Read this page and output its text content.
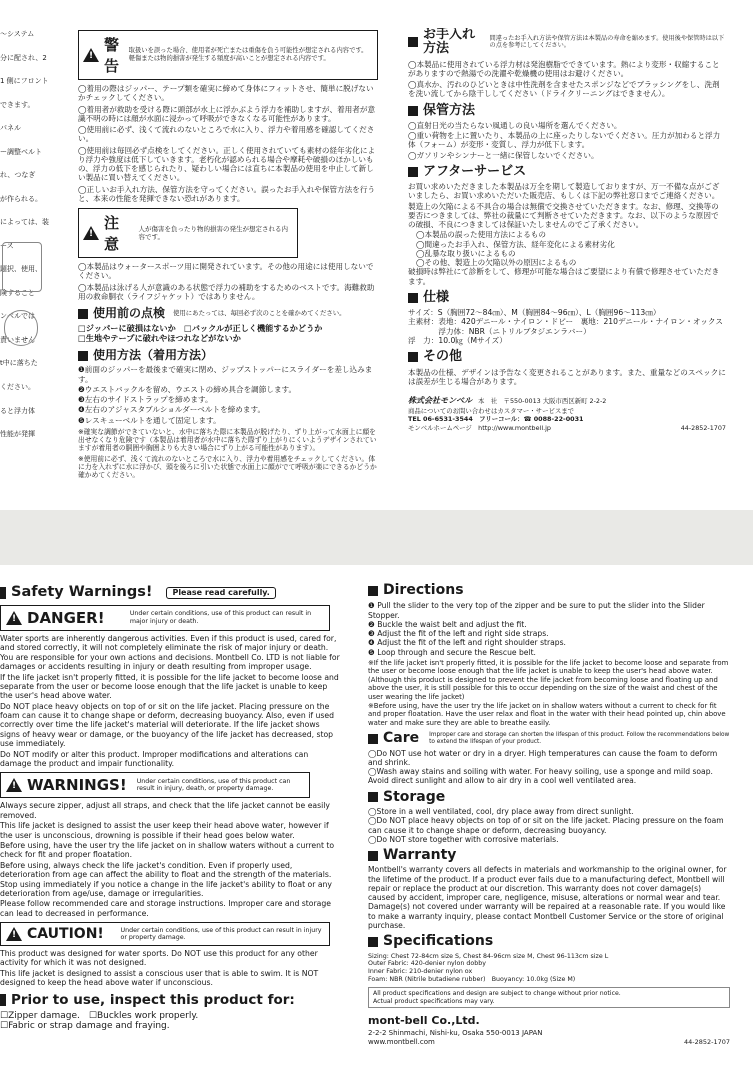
〜システム

分に配され、2

1 側にフロント

できます。

パネル

ー調整ベルト

れ、つなぎ

が作られる。

によっては、装

ース

題択、使用、

険すること

ンベルでは

責いません

t中に落ちた

ください。

ると浮力体

性能が発揮

!
警告
取扱いを誤った場合、使用者が死亡または重傷を負う可能性が想定される内容です。軽傷または物的損害が発生する頻度が高いことが想定される内容です。

◯着用の際はジッパー、テープ類を確実に締めて身体にフィットさせ、簡単に脱げないかチェックしてください。

◯着用者が救助を受ける際に頭部が水上に浮かぶよう浮力を補助しますが、着用者が意識不明の時には顔が水面に浸かって呼吸ができなくなる可能性があります。

◯使用前に必ず、浅くて流れのないところで水に入り、浮力や着用感を確認してください。

◯使用前は毎回必ず点検をしてください。正しく使用されていても素材の経年劣化により浮力や強度は低下していきます。老朽化が認められる場合や摩耗や破損のほかしいもの、浮力の低下を感じられたり、疑わしい場合には直ちに本製品の使用を中止して新しい製品に買い替えてください。

◯正しいお手入れ方法、保管方法を守ってください。誤ったお手入れや保管方法を行うと、本来の性能を発揮できない恐れがあります。

!
注意
人が傷害を負ったり物的損害の発生が想定される内容です。

◯本製品はウォータースポーツ用に開発されています。その他の用途には使用しないでください。

◯本製品は泳げる人が意識のある状態で浮力の補助をするためのベストです。海難救助用の救命胴衣（ライフジャケット）ではありません。

使用前の点検 使用にあたっては、毎回必ず次のことを確かめてください。

□ジッパーに破損はないか　□バックルが正しく機能するかどうか

□生地やテープに破れやほつれなどがないか

使用方法（着用方法）

❶前面のジッパーを最後まで確実に閉め、ジップストッパーにスライダーを差し込みます。

❷ウエストバックルを留め、ウエストの締め具合を調節します。

❸左右のサイドストラップを締めます。

❹左右のアジャスタブルショルダーベルトを締めます。

❺レスキューベルトを通して固定します。

※確実な調節ができていないと、水中に落ちた際に本製品が脱げたり、ずり上がって水面上に顔を出せなくなり危険です（本製品は着用者が水中に落ちた際ずり上がりにくいようデザインされていますが着用者の胴囲や胸囲よりも大きい場合にずり上がる可能性があります）。

※使用前に必ず、浅くて流れのないところで水に入り、浮力や着用感をチェックしてください。体に力を入れずに水に浮かび、頭を後ろに引いた状態で水面上に顔がでて呼吸が楽にできるかどうか確かめてください。

お手入れ方法
間違ったお手入れ方法や保管方法は本製品の寿命を縮めます。使用後や保管時は以下の点を参考にしてください。

◯本製品に使用されている浮力材は発泡樹脂でできています。熱により変形・収縮することがありますので熱湯での洗濯や乾燥機の使用はお避けください。

◯真水か、汚れのひどいときは中性洗剤を含ませたスポンジなどでブラッシングをし、洗剤を洗い流してから陰干ししてください（ドライクリーニングはできません）。

保管方法

◯直射日光の当たらない風通しの良い場所を選んでください。

◯重い荷物を上に置いたり、本製品の上に座ったりしないでください。圧力が加わると浮力体（フォーム）が変形・変質し、浮力が低下します。

◯ガソリンやシンナーと一緒に保管しないでください。

アフターサービス

お買い求めいただきました本製品は万全を期して製造しておりますが、万一不備な点がございましたら、お買い求めいただいた販売店、もしくは下記の弊社窓口までご連絡ください。

製造上の欠陥による不具合の場合は無償で交換させていただきます。なお、修理、交換等の要否につきましては、弊社の裁量にて判断させていただきます。なお、以下のような原因での破損、不良につきましては保証いたしませんのでご了承ください。

◯本製品の誤った使用方法によるもの

◯間違ったお手入れ、保管方法、経年変化による素材劣化

◯乱暴な取り扱いによるもの

◯その他、製造上の欠陥以外の原因によるもの

破損時は弊社にて診断をして、修理が可能な場合はご要望により有償で修理させていただきます。

仕様

サイズ：S（胸囲72〜84㎝）、M（胸囲84〜96㎝）、L（胸囲96〜113㎝）

主素材：表地：420デニール・ナイロン・ドビー　裏地：210デニール・ナイロン・オックス

　　　　浮力体：NBR（ニトリルブタジエンラバー）

浮　力：10.0㎏（Mサイズ）

その他

本製品の仕様、デザインは予告なく変更されることがあります。また、重量などのスペックには誤差が生じる場合があります。

株式会社モンベル 本　社　〒550-0013 大阪市西区新町 2-2-2
商品についてのお問い合わせはカスタマー・サービスまで
TEL 06-6531-3544　フリーコール：☎ 0088-22-0031
モンベルホームページ　http://www.montbell.jp	44-2852-1707
Safety Warnings!	Please read carefully.
!
DANGER!	Under certain conditions, use of this product can result in major injury or death.

Water sports are inherently dangerous activities. Even if this product is used, cared for, and stored correctly, it will not completely eliminate the risk of major injury or death. You are responsible for your own actions and decisions. Montbell Co. LTD is not liable for damages or accidents resulting in injury or death resulting from improper usage.

If the life jacket isn't properly fitted, it is possible for the life jacket to become loose and separate from the user or become loose enough that the life jacket is unable to keep the user's head above water.

Do NOT place heavy objects on top of or sit on the life jacket. Placing pressure on the foam can cause it to change shape or deform, decreasing buoyancy. Also, even if used correctly over time the life jacket's material will deteriorate. If the life jacket shows signs of heavy wear or damage, or the buoyancy of the life jacket has decreased, stop use immediately.

Do NOT modify or alter this product. Improper modifications and alterations can damage the product and impair functionality.

!
WARNINGS! Under certain conditions, use of this product can result in injury, death, or property damage.

Always secure zipper, adjust all straps, and check that the life jacket cannot be easily removed.

This life jacket is designed to assist the user keep their head above water, however if the user is unconscious, drowning is possible if their head goes below water.

Before using, have the user try the life jacket on in shallow waters without a current to check for fit and proper floatation.

Before using, always check the life jacket's condition. Even if properly used, deterioration from age can affect the ability to float and the strength of the materials. Stop using immediately if you notice a change in the life jacket's ability to float or any deterioration from age/use, damage or irregularities.

Please follow recommended care and storage instructions. Improper care and storage can lead to decreased in performance.

!
CAUTION!	Under certain conditions, use of this product can result in injury or property damage.

This product was designed for water sports. Do NOT use this product for any other activity for which it was not designed.

This life jacket is designed to assist a conscious user that is able to swim. It is NOT designed to keep the head above water if unconscious.

Prior to use, inspect this product for:

☐Zipper damage.　☐Buckles work properly.

☐Fabric or strap damage and fraying.

Directions

❶ Pull the slider to the very top of the zipper and be sure to put the slider into the Slider Stopper.

❷ Buckle the waist belt and adjust the fit.

❸ Adjust the fit of the left and right side straps.

❹ Adjust the fit of the left and right shoulder straps.

❺ Loop through and secure the Rescue belt.

※If the life jacket isn't properly fitted, it is possible for the life jacket to become loose and separate from the user or become loose enough that the life jacket is unable to keep the user's head above water. (Although this product is designed to prevent the life jacket from becoming loose and floating up and above the user, it is still possible for this to occur depending on the size of the waist and chest of the user wearing the life jacket)

※Before using, have the user try the life jacket on in shallow waters without a current to check for fit and proper floatation. Have the user relax and float in the water with their head pointed up, chin above water and make sure they are able to breathe easily.

Care Improper care and storage can shorten the lifespan of this product. Follow the recommendations below to extend the lifespan of your product.

◯Do NOT use hot water or dry in a dryer. High temperatures can cause the foam to deform and shrink.

◯Wash away stains and soiling with water. For heavy soiling, use a sponge and mild soap. Avoid direct sunlight and allow to air dry in a cool well ventilated area.

Storage

◯Store in a well ventilated, cool, dry place away from direct sunlight.

◯Do NOT place heavy objects on top of or sit on the life jacket. Placing pressure on the foam can cause it to change shape or deform, decreasing buoyancy.

◯Do NOT store together with corrosive materials.

Warranty

Montbell's warranty covers all defects in materials and workmanship to the original owner, for the lifetime of the product. If a product ever fails due to a manufacturing defect, Montbell will repair or replace the product at our discretion. This warranty does not cover damage(s) caused by accident, improper care, negligence, misuse, alterations or normal wear and tear. Damage(s) not covered under warranty will be repaired at a reasonable rate. If you would like to make a warranty inquiry, please contact Montbell Customer Service or the store of original purchase.

Specifications

Sizing: Chest 72-84cm size S, Chest 84-96cm size M, Chest 96-113cm size L

Outer Fabric: 420-denier nylon dobby

Inner Fabric: 210-denier nylon ox

Foam: NBR (Nitrile butadiene rubber)　Buoyancy: 10.0kg (Size M)

All product specifications and design are subject to change without prior notice.

Actual product specifications may vary.

mont-bell Co.,Ltd.
2-2-2 Shinmachi, Nishi-ku, Osaka 550-0013 JAPAN
www.montbell.com	44-2852-1707
